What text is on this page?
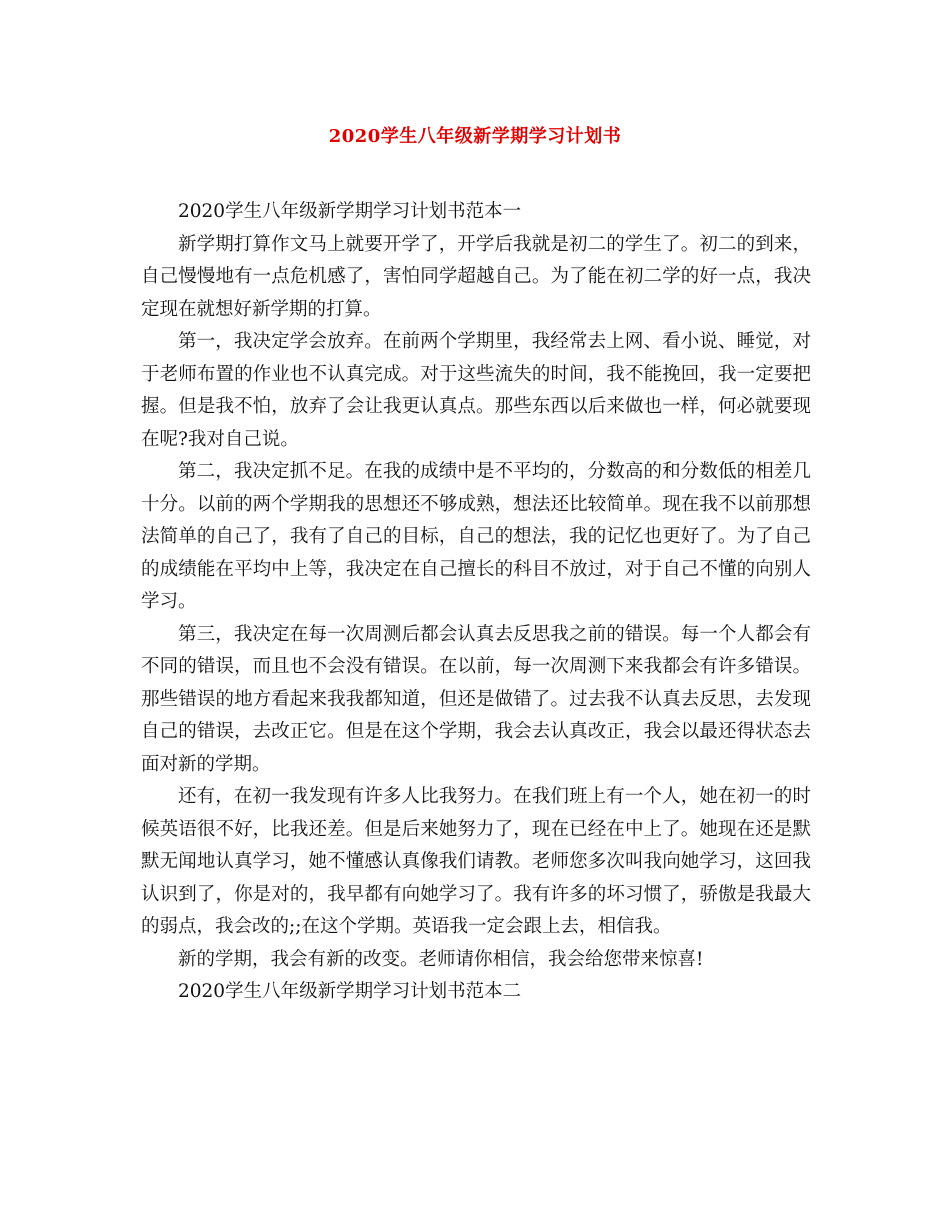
2020学生八年级新学期学习计划书

2020学生八年级新学期学习计划书范本一

新学期打算作文马上就要开学了，开学后我就是初二的学生了。初二的到来，自己慢慢地有一点危机感了，害怕同学超越自己。为了能在初二学的好一点，我决定现在就想好新学期的打算。

第一，我决定学会放弃。在前两个学期里，我经常去上网、看小说、睡觉，对于老师布置的作业也不认真完成。对于这些流失的时间，我不能挽回，我一定要把握。但是我不怕，放弃了会让我更认真点。那些东西以后来做也一样，何必就要现在呢?我对自己说。

第二，我决定抓不足。在我的成绩中是不平均的，分数高的和分数低的相差几十分。以前的两个学期我的思想还不够成熟，想法还比较简单。现在我不以前那想法简单的自己了，我有了自己的目标，自己的想法，我的记忆也更好了。为了自己的成绩能在平均中上等，我决定在自己擅长的科目不放过，对于自己不懂的向别人学习。

第三，我决定在每一次周测后都会认真去反思我之前的错误。每一个人都会有不同的错误，而且也不会没有错误。在以前，每一次周测下来我都会有许多错误。那些错误的地方看起来我我都知道，但还是做错了。过去我不认真去反思，去发现自己的错误，去改正它。但是在这个学期，我会去认真改正，我会以最还得状态去面对新的学期。

还有，在初一我发现有许多人比我努力。在我们班上有一个人，她在初一的时候英语很不好，比我还差。但是后来她努力了，现在已经在中上了。她现在还是默默无闻地认真学习，她不懂感认真像我们请教。老师您多次叫我向她学习，这回我认识到了，你是对的，我早都有向她学习了。我有许多的坏习惯了，骄傲是我最大的弱点，我会改的;;在这个学期。英语我一定会跟上去，相信我。

新的学期，我会有新的改变。老师请你相信，我会给您带来惊喜!

2020学生八年级新学期学习计划书范本二
